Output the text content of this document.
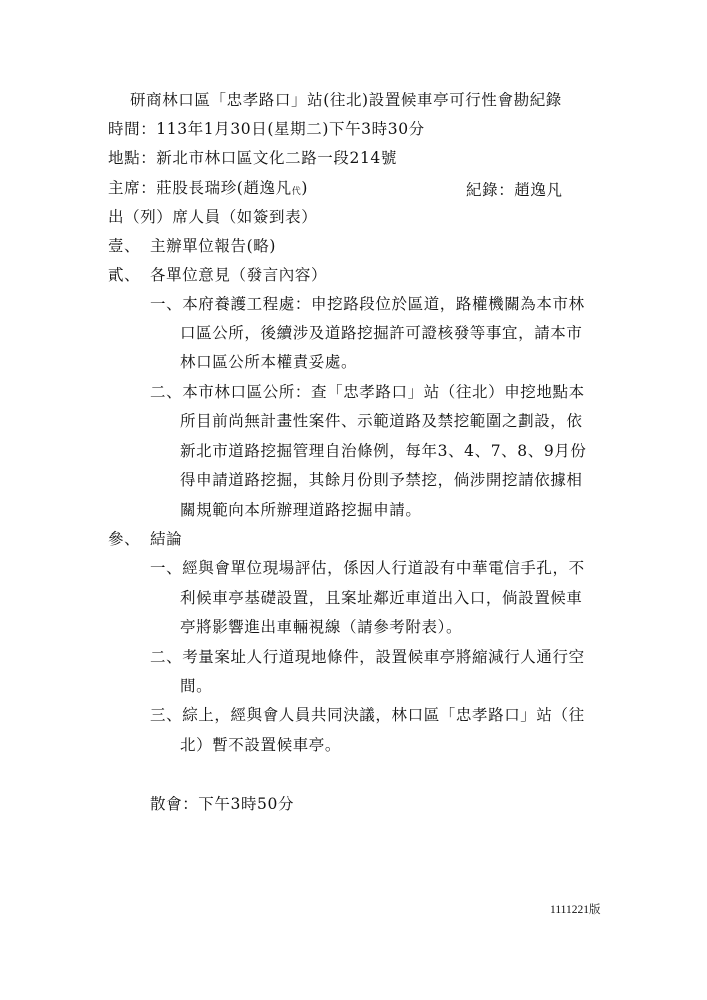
研商林口區「忠孝路口」站(往北)設置候車亭可行性會勘紀錄
時間：113年1月30日(星期二)下午3時30分
地點：新北市林口區文化二路一段214號
主席：莊股長瑞珍(趙逸凡代)	紀錄：趙逸凡
出（列）席人員（如簽到表）
壹、 主辦單位報告(略)
貳、 各單位意見（發言內容）
一、本府養護工程處：申挖路段位於區道，路權機關為本市林
口區公所，後續涉及道路挖掘許可證核發等事宜，請本市
林口區公所本權責妥處。
二、本市林口區公所：查「忠孝路口」站（往北）申挖地點本
所目前尚無計畫性案件、示範道路及禁挖範圍之劃設，依
新北市道路挖掘管理自治條例，每年3、4、7、8、9月份
得申請道路挖掘，其餘月份則予禁挖，倘涉開挖請依據相
關規範向本所辦理道路挖掘申請。
參、 結論
一、經與會單位現場評估，係因人行道設有中華電信手孔，不
利候車亭基礎設置，且案址鄰近車道出入口，倘設置候車
亭將影響進出車輛視線（請參考附表）。
二、考量案址人行道現地條件，設置候車亭將縮減行人通行空
間。
三、綜上，經與會人員共同決議，林口區「忠孝路口」站（往
北）暫不設置候車亭。
散會：下午3時50分
1111221版
